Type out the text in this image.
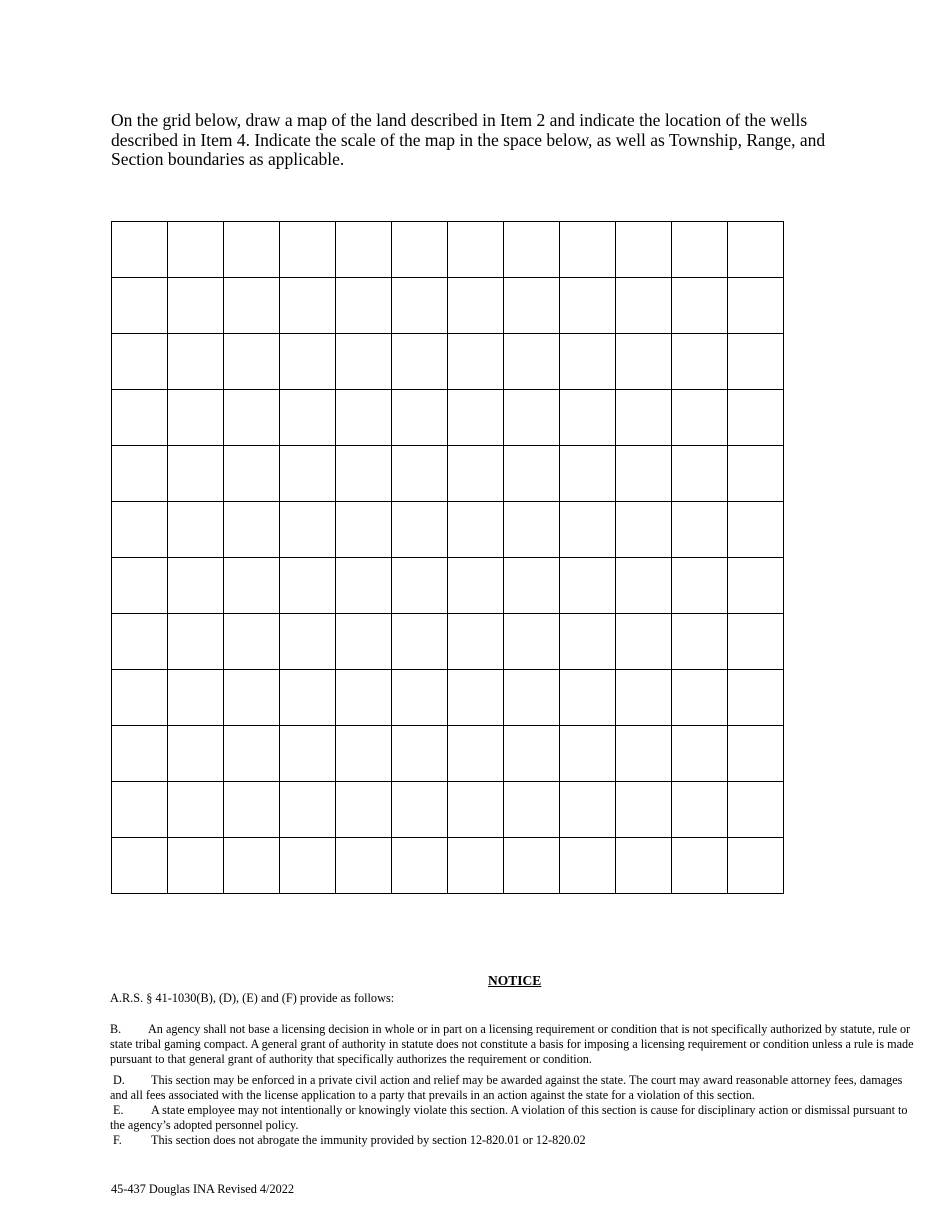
On the grid below, draw a map of the land described in Item 2 and indicate the location of the wells described in Item 4. Indicate the scale of the map in the space below, as well as Township, Range, and Section boundaries as applicable.

NOTICE

A.R.S. § 41-1030(B), (D), (E) and (F) provide as follows:

B. An agency shall not base a licensing decision in whole or in part on a licensing requirement or condition that is not specifically authorized by statute, rule or state tribal gaming compact. A general grant of authority in statute does not constitute a basis for imposing a licensing requirement or condition unless a rule is made pursuant to that general grant of authority that specifically authorizes the requirement or condition.

D. This section may be enforced in a private civil action and relief may be awarded against the state. The court may award reasonable attorney fees, damages and all fees associated with the license application to a party that prevails in an action against the state for a violation of this section.

E. A state employee may not intentionally or knowingly violate this section. A violation of this section is cause for disciplinary action or dismissal pursuant to the agency’s adopted personnel policy.

F. This section does not abrogate the immunity provided by section 12-820.01 or 12-820.02

45-437 Douglas INA Revised 4/2022
